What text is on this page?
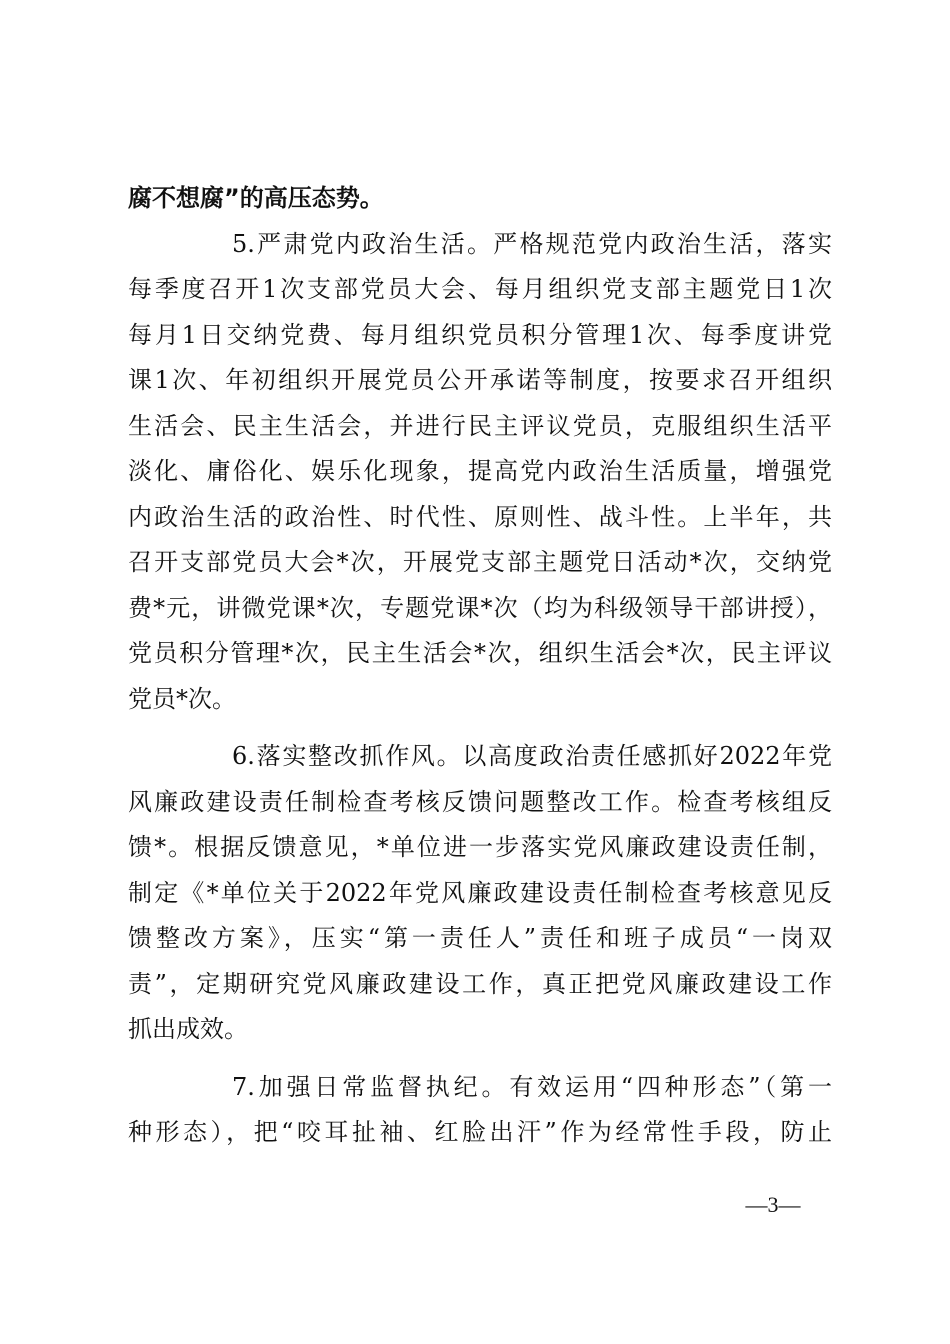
腐不想腐”的高压态势。
5.严肃党内政治生活。严格规范党内政治生活，落实
每季度召开1次支部党员大会、每月组织党支部主题党日1次
每月1日交纳党费、每月组织党员积分管理1次、每季度讲党
课1次、年初组织开展党员公开承诺等制度，按要求召开组织
生活会、民主生活会，并进行民主评议党员，克服组织生活平
淡化、庸俗化、娱乐化现象，提高党内政治生活质量，增强党
内政治生活的政治性、时代性、原则性、战斗性。上半年，共
召开支部党员大会*次，开展党支部主题党日活动*次，交纳党
费*元，讲微党课*次，专题党课*次（均为科级领导干部讲授），
党员积分管理*次，民主生活会*次，组织生活会*次，民主评议
党员*次。
6.落实整改抓作风。以高度政治责任感抓好2022年党
风廉政建设责任制检查考核反馈问题整改工作。检查考核组反
馈*。根据反馈意见，*单位进一步落实党风廉政建设责任制，
制定《*单位关于2022年党风廉政建设责任制检查考核意见反
馈整改方案》，压实“第一责任人”责任和班子成员“一岗双
责”，定期研究党风廉政建设工作，真正把党风廉政建设工作
抓出成效。
7.加强日常监督执纪。有效运用“四种形态”（第一
种形态），把“咬耳扯袖、红脸出汗”作为经常性手段，防止
—3—
